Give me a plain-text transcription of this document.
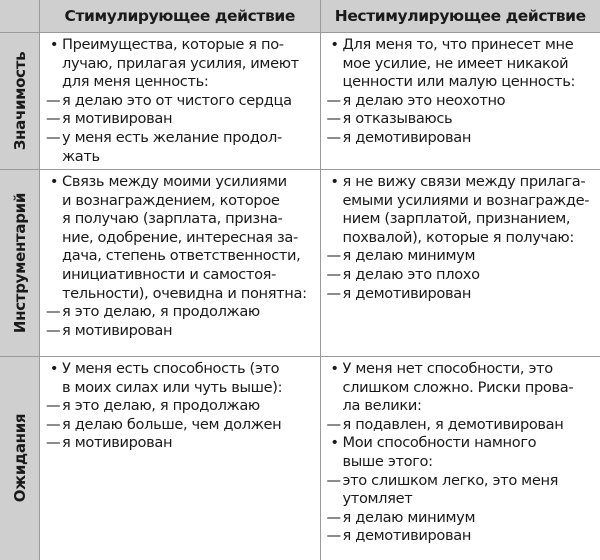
Стимулирующее действие	Нестимулирующее действие
Значимость
• Преимущества, которые я по-
лучаю, прилагая усилия, имеют
для меня ценность:
— я делаю это от чистого сердца
— я мотивирован
— у меня есть желание продол-
жать
• Для меня то, что принесет мне
мое усилие, не имеет никакой
ценности или малую ценность:
— я делаю это неохотно
— я отказываюсь
— я демотивирован
Инструментарий
• Связь между моими усилиями
и вознаграждением, которое
я получаю (зарплата, призна-
ние, одобрение, интересная за-
дача, степень ответственности,
инициативности и самостоя-
тельности), очевидна и понятна:
— я это делаю, я продолжаю
— я мотивирован
• я не вижу связи между прилага-
емыми усилиями и вознагражде-
нием (зарплатой, признанием,
похвалой), которые я получаю:
— я делаю минимум
— я делаю это плохо
— я демотивирован
Ожидания
• У меня есть способность (это
в моих силах или чуть выше):
— я это делаю, я продолжаю
— я делаю больше, чем должен
— я мотивирован
• У меня нет способности, это
слишком сложно. Риски прова-
ла велики:
— я подавлен, я демотивирован
• Мои способности намного
выше этого:
— это слишком легко, это меня
утомляет
— я делаю минимум
— я демотивирован
